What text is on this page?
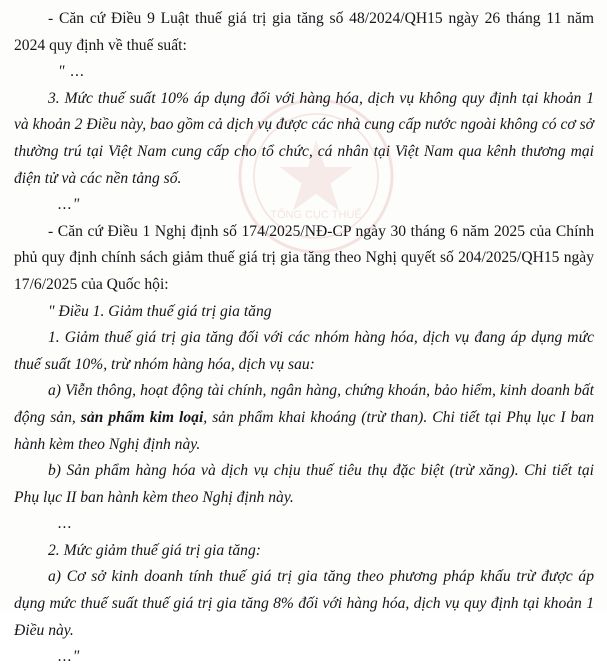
TỔNG CỤC THUẾ

- Căn cứ Điều 9 Luật thuế giá trị gia tăng số 48/2024/QH15 ngày 26 tháng 11 năm 2024 quy định về thuế suất:

" ...

3. Mức thuế suất 10% áp dụng đối với hàng hóa, dịch vụ không quy định tại khoản 1 và khoản 2 Điều này, bao gồm cả dịch vụ được các nhà cung cấp nước ngoài không có cơ sở thường trú tại Việt Nam cung cấp cho tổ chức, cá nhân tại Việt Nam qua kênh thương mại điện tử và các nền tảng số.

..."

- Căn cứ Điều 1 Nghị định số 174/2025/NĐ-CP ngày 30 tháng 6 năm 2025 của Chính phủ quy định chính sách giảm thuế giá trị gia tăng theo Nghị quyết số 204/2025/QH15 ngày 17/6/2025 của Quốc hội:

" Điều 1. Giảm thuế giá trị gia tăng

1. Giảm thuế giá trị gia tăng đối với các nhóm hàng hóa, dịch vụ đang áp dụng mức thuế suất 10%, trừ nhóm hàng hóa, dịch vụ sau:

a) Viễn thông, hoạt động tài chính, ngân hàng, chứng khoán, bảo hiểm, kinh doanh bất động sản, sản phẩm kim loại, sản phẩm khai khoáng (trừ than). Chi tiết tại Phụ lục I ban hành kèm theo Nghị định này.

b) Sản phẩm hàng hóa và dịch vụ chịu thuế tiêu thụ đặc biệt (trừ xăng). Chi tiết tại Phụ lục II ban hành kèm theo Nghị định này.

...

2. Mức giảm thuế giá trị gia tăng:

a) Cơ sở kinh doanh tính thuế giá trị gia tăng theo phương pháp khấu trừ được áp dụng mức thuế suất thuế giá trị gia tăng 8% đối với hàng hóa, dịch vụ quy định tại khoản 1 Điều này.

..."
